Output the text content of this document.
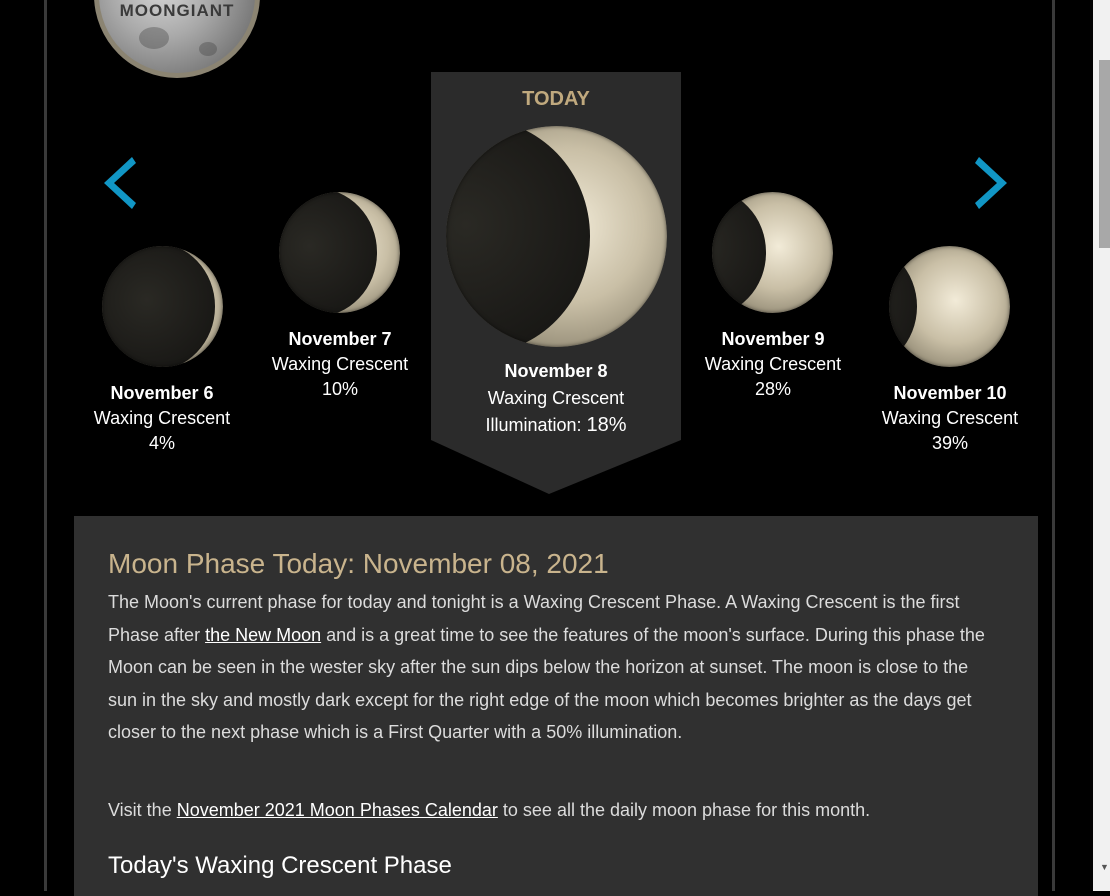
MOONGIANT
TODAY
November 6
Waxing Crescent
4%
November 7
Waxing Crescent
10%
November 8
Waxing Crescent
Illumination: 18%
November 9
Waxing Crescent
28%	November 10
Waxing Crescent
39%
Moon Phase Today: November 08, 2021

The Moon's current phase for today and tonight is a Waxing Crescent Phase. A Waxing Crescent is the first Phase after the New Moon and is a great time to see the features of the moon's surface. During this phase the Moon can be seen in the wester sky after the sun dips below the horizon at sunset. The moon is close to the sun in the sky and mostly dark except for the right edge of the moon which becomes brighter as the days get closer to the next phase which is a First Quarter with a 50% illumination.

Visit the November 2021 Moon Phases Calendar to see all the daily moon phase for this month.

Today's Waxing Crescent Phase	▼
